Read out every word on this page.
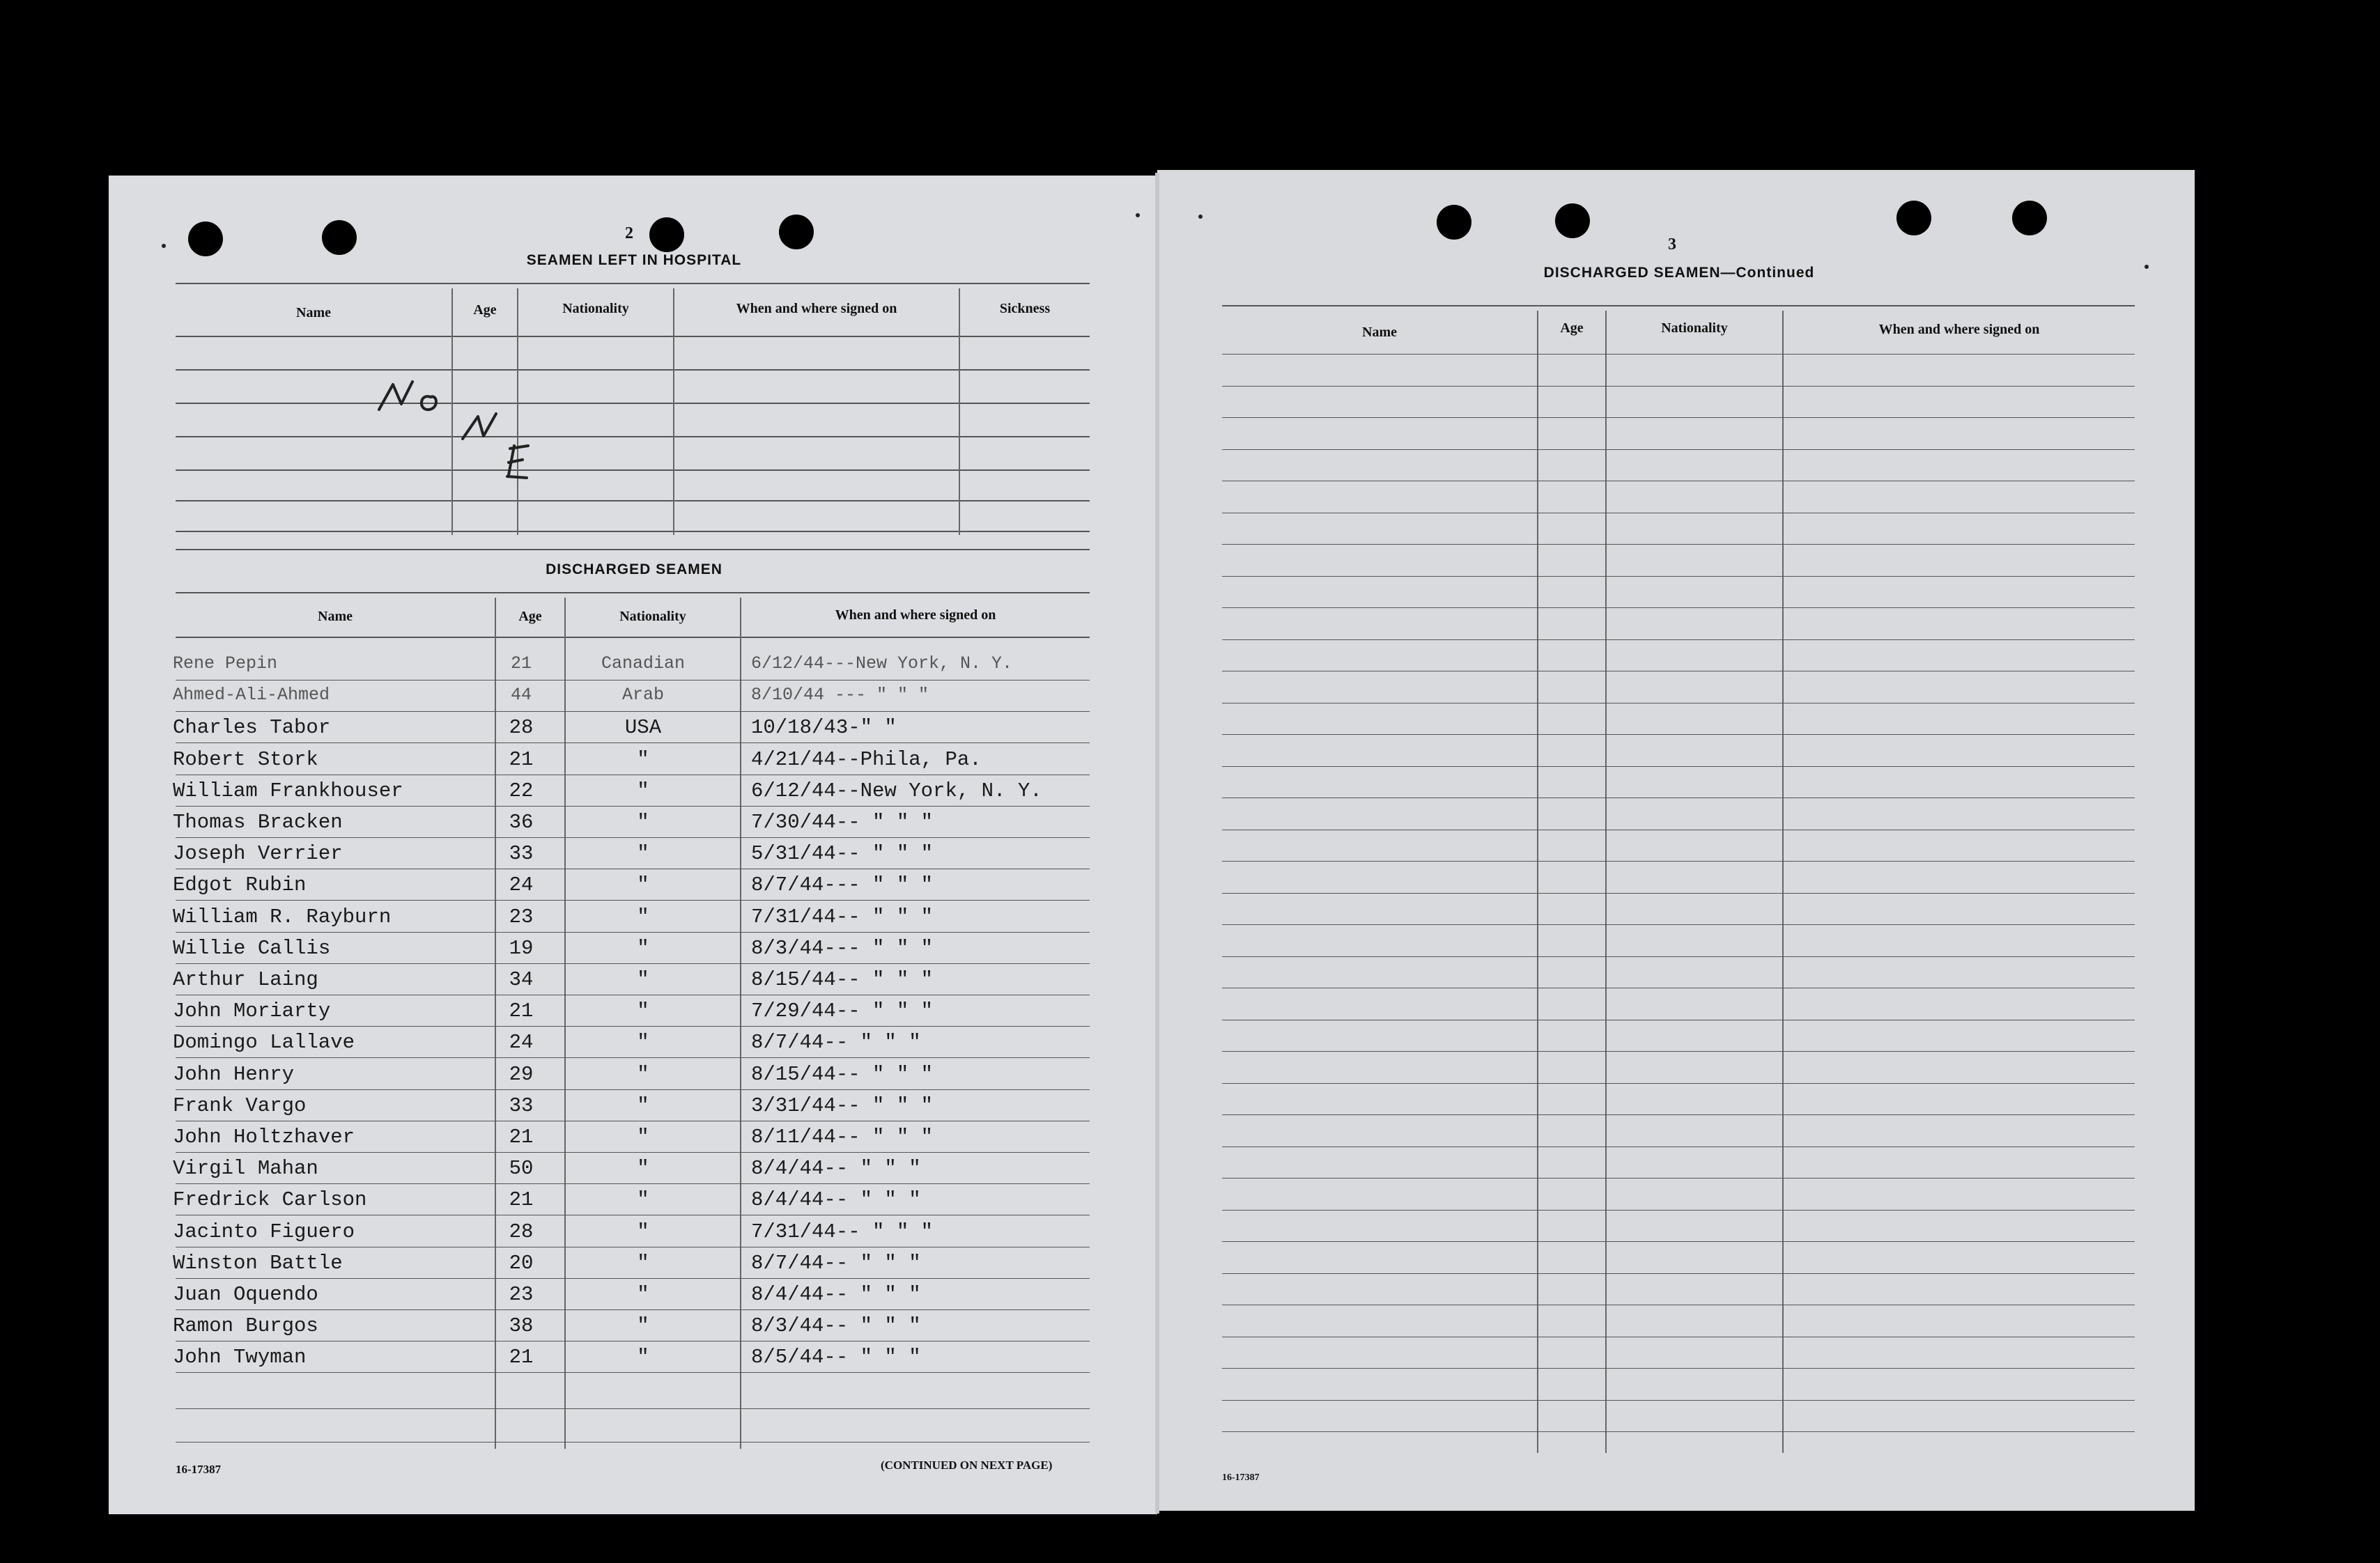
2
SEAMEN LEFT IN HOSPITAL
Name	Age	Nationality	When and where signed on	Sickness
DISCHARGED SEAMEN
Name	Age	Nationality	When and where signed on
Rene Pepin	21	Canadian	6/12/44---New York, N. Y.
Ahmed-Ali-Ahmed	44	Arab	8/10/44 --- " " "
Charles Tabor	28	USA	10/18/43-" "
Robert Stork	21	"	4/21/44--Phila, Pa.
William Frankhouser	22	"	6/12/44--New York, N. Y.
Thomas Bracken	36	"	7/30/44-- " " "
Joseph Verrier	33	"	5/31/44-- " " "
Edgot Rubin	24	"	8/7/44--- " " "
William R. Rayburn	23	"	7/31/44-- " " "
Willie Callis	19	"	8/3/44--- " " "
Arthur Laing	34	"	8/15/44-- " " "
John Moriarty	21	"	7/29/44-- " " "
Domingo Lallave	24	"	8/7/44-- " " "
John Henry	29	"	8/15/44-- " " "
Frank Vargo	33	"	3/31/44-- " " "
John Holtzhaver	21	"	8/11/44-- " " "
Virgil Mahan	50	"	8/4/44-- " " "
Fredrick Carlson	21	"	8/4/44-- " " "
Jacinto Figuero	28	"	7/31/44-- " " "
Winston Battle	20	"	8/7/44-- " " "
Juan Oquendo	23	"	8/4/44-- " " "
Ramon Burgos	38	"	8/3/44-- " " "
John Twyman	21	"	8/5/44-- " " "
16-17387	(CONTINUED ON NEXT PAGE)
3
DISCHARGED SEAMEN—Continued
Name	Age	Nationality	When and where signed on
16-17387
